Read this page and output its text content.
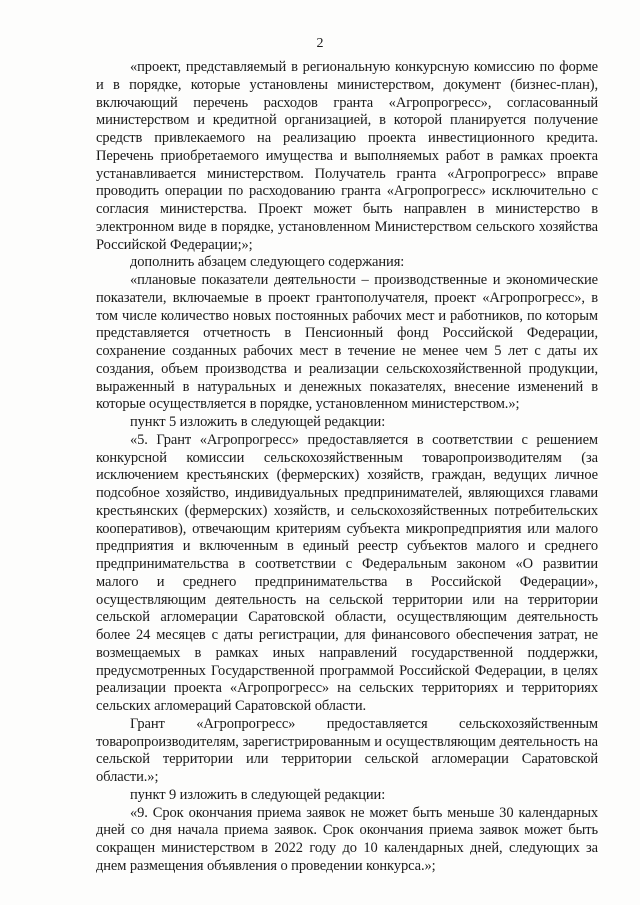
2

«проект, представляемый в региональную конкурсную комиссию по форме и в порядке, которые установлены министерством, документ (бизнес-план), включающий перечень расходов гранта «Агропрогресс», согласованный министерством и кредитной организацией, в которой планируется получение средств привлекаемого на реализацию проекта инвестиционного кредита. Перечень приобретаемого имущества и выполняемых работ в рамках проекта устанавливается министерством. Получатель гранта «Агропрогресс» вправе проводить операции по расходованию гранта «Агропрогресс» исключительно с согласия министерства. Проект может быть направлен в министерство в электронном виде в порядке, установленном Министерством сельского хозяйства Российской Федерации;»;

дополнить абзацем следующего содержания:

«плановые показатели деятельности – производственные и экономические показатели, включаемые в проект грантополучателя, проект «Агропрогресс», в том числе количество новых постоянных рабочих мест и работников, по которым представляется отчетность в Пенсионный фонд Российской Федерации, сохранение созданных рабочих мест в течение не менее чем 5 лет с даты их создания, объем производства и реализации сельскохозяйственной продукции, выраженный в натуральных и денежных показателях, внесение изменений в которые осуществляется в порядке, установленном министерством.»;

пункт 5 изложить в следующей редакции:

«5. Грант «Агропрогресс» предоставляется в соответствии с решением конкурсной комиссии сельскохозяйственным товаропроизводителям (за исключением крестьянских (фермерских) хозяйств, граждан, ведущих личное подсобное хозяйство, индивидуальных предпринимателей, являющихся главами крестьянских (фермерских) хозяйств, и сельскохозяйственных потребительских кооперативов), отвечающим критериям субъекта микропредприятия или малого предприятия и включенным в единый реестр субъектов малого и среднего предпринимательства в соответствии с Федеральным законом «О развитии малого и среднего предпринимательства в Российской Федерации», осуществляющим деятельность на сельской территории или на территории сельской агломерации Саратовской области, осуществляющим деятельность более 24 месяцев с даты регистрации, для финансового обеспечения затрат, не возмещаемых в рамках иных направлений государственной поддержки, предусмотренных Государственной программой Российской Федерации, в целях реализации проекта «Агропрогресс» на сельских территориях и территориях сельских агломераций Саратовской области.

Грант «Агропрогресс» предоставляется сельскохозяйственным товаропроизводителям, зарегистрированным и осуществляющим деятельность на сельской территории или территории сельской агломерации Саратовской области.»;

пункт 9 изложить в следующей редакции:

«9. Срок окончания приема заявок не может быть меньше 30 календарных дней со дня начала приема заявок. Срок окончания приема заявок может быть сокращен министерством в 2022 году до 10 календарных дней, следующих за днем размещения объявления о проведении конкурса.»;
